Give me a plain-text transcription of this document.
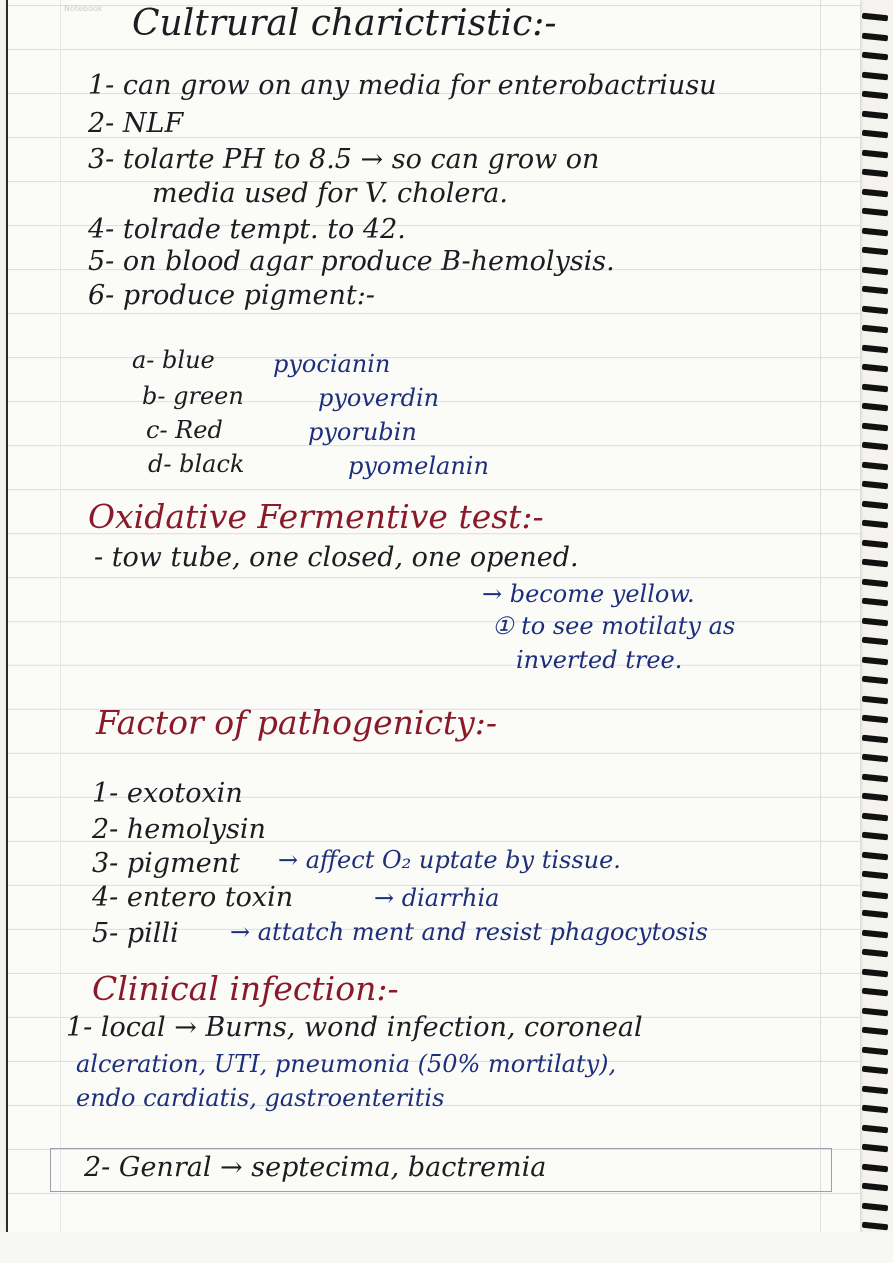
Notebook Cultrural charictristic:-
1- can grow on any media for enterobactriusu
2- NLF
3- tolarte PH to 8.5 → so can grow on
media used for V. cholera.
4- tolrade tempt. to 42.
5- on blood agar produce B-hemolysis.
6- produce pigment:-
a- blue pyocianin
b- green	pyoverdin
c- Red	pyorubin
d- black	pyomelanin
Oxidative Fermentive test:-
- tow tube, one closed, one opened.
→ become yellow.
① to see motilaty as
inverted tree.
Factor of pathogenicty:-
1- exotoxin
2- hemolysin
3- pigment → affect O₂ uptate by tissue.
4- entero toxin	→ diarrhia
5- pilli → attatch ment and resist phagocytosis
Clinical infection:-
1- local → Burns, wond infection, coroneal
alceration, UTI, pneumonia (50% mortilaty),
endo cardiatis, gastroenteritis
2- Genral → septecima, bactremia
